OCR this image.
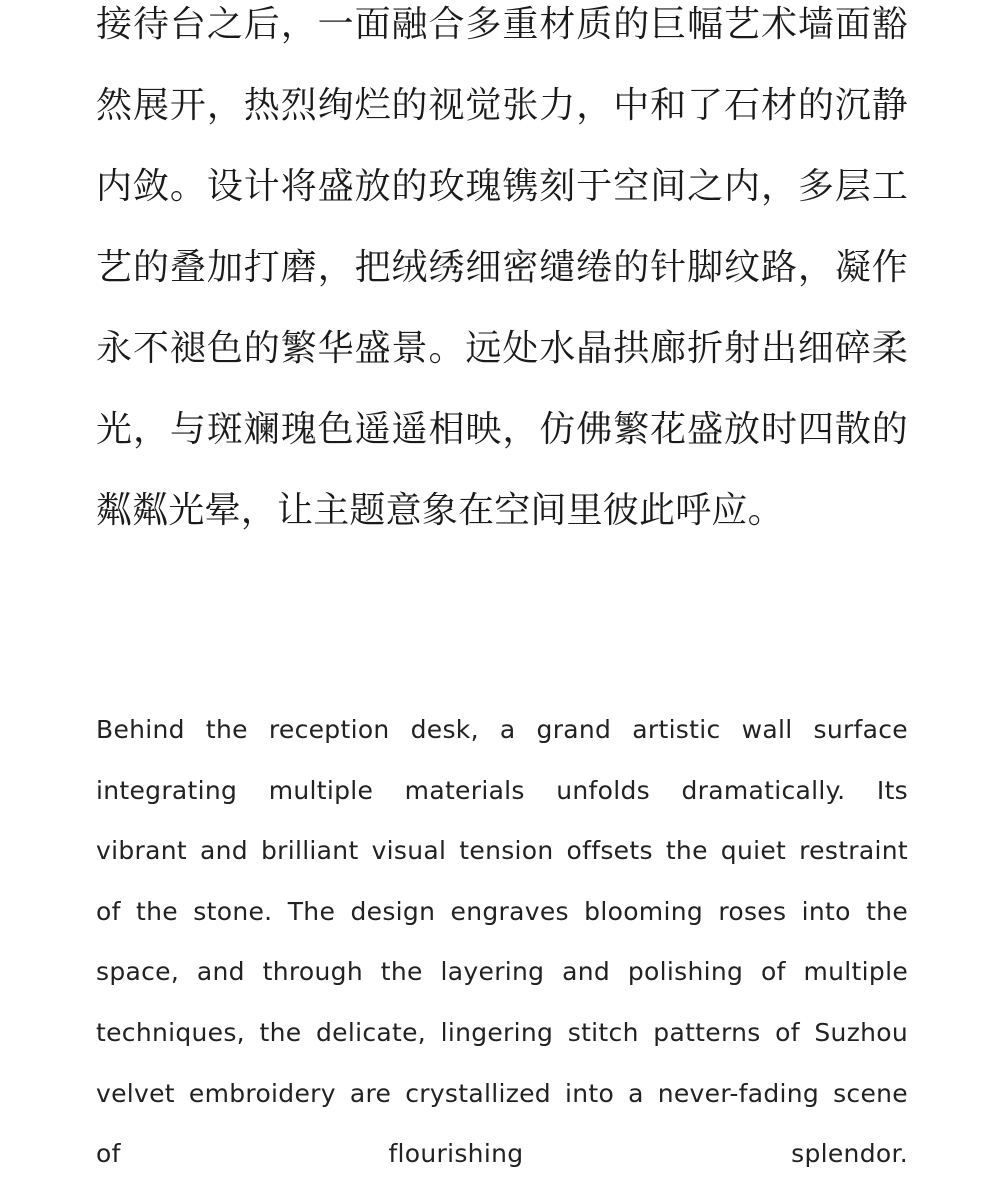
接待台之后，一面融合多重材质的巨幅艺术墙面豁然展开，热烈绚烂的视觉张力，中和了石材的沉静内敛。设计将盛放的玫瑰镌刻于空间之内，多层工艺的叠加打磨，把绒绣细密缱绻的针脚纹路，凝作永不褪色的繁华盛景。远处水晶拱廊折射出细碎柔光，与斑斓瑰色遥遥相映，仿佛繁花盛放时四散的粼粼光晕，让主题意象在空间里彼此呼应。

Behind the reception desk, a grand artistic wall surface integrating multiple materials unfolds dramatically. Its vibrant and brilliant visual tension offsets the quiet restraint of the stone. The design engraves blooming roses into the space, and through the layering and polishing of multiple techniques, the delicate, lingering stitch patterns of Suzhou velvet embroidery are crystallized into a never-fading scene of flourishing splendor.
